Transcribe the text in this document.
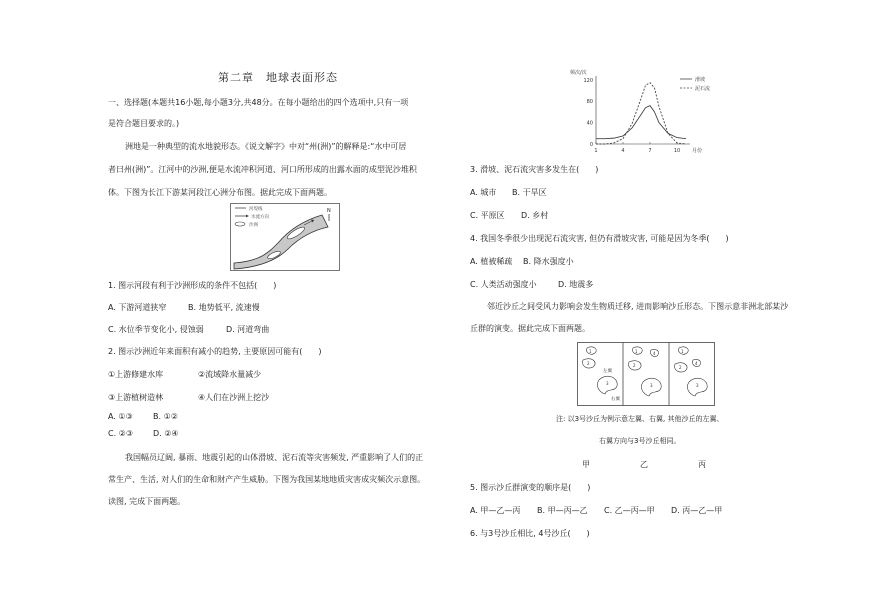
第二章　地球表面形态
一、选择题(本题共16小题,每小题3分,共48分。在每小题给出的四个选项中,只有一项
是符合题目要求的。)
洲地是一种典型的流水地貌形态。《说文解字》中对“州(洲)”的解释是:“水中可居
者曰州(洲)”。江河中的沙洲,便是水流冲积河道、河口所形成的出露水面的成型泥沙堆积
体。下图为长江下游某河段江心洲分布图。据此完成下面两题。
河堤线
水流方向
沙洲
N
1. 图示河段有利于沙洲形成的条件不包括(　　)
A. 下游河道狭窄	B. 地势低平, 流速慢
C. 水位季节变化小, 侵蚀弱	D. 河道弯曲
2. 图示沙洲近年来面积有减小的趋势, 主要原因可能有(　　)
①上游修建水库	②流域降水量减少
③上游植树造林	④人们在沙洲上挖沙
A. ①③	B. ①②
C. ②③ D. ②④
我国幅员辽阔, 暴雨、地震引起的山体滑坡、泥石流等灾害频发, 严重影响了人们的正
常生产、生活, 对人们的生命和财产产生威胁。下图为我国某地地质灾害成灾频次示意图。
读图, 完成下面两题。
频次/次
120
80
40
0
1	4	7	10
滑坡
泥石流
月份
3. 滑坡、泥石流灾害多发生在(　　)
A. 城市 B. 干旱区
C. 平原区 D. 乡村
4. 我国冬季很少出现泥石流灾害, 但仍有滑坡灾害, 可能是因为冬季(　　)
A. 植被稀疏 B. 降水强度小
C. 人类活动强度小	D. 地震多
邻近沙丘之间受风力影响会发生物质迁移, 进而影响沙丘形态。下图示意非洲北部某沙
丘群的演变。据此完成下面两题。
1
2
3
左翼
右翼
1
2
3
4	1
2
3
4
注: 以3号沙丘为例示意左翼、右翼, 其他沙丘的左翼、
右翼方向与3号沙丘相同。
甲	乙	丙
5. 图示沙丘群演变的顺序是(　　)
A. 甲—乙—丙 B. 甲—丙—乙 C. 乙—丙—甲 D. 丙—乙—甲
6. 与3号沙丘相比, 4号沙丘(　　)
